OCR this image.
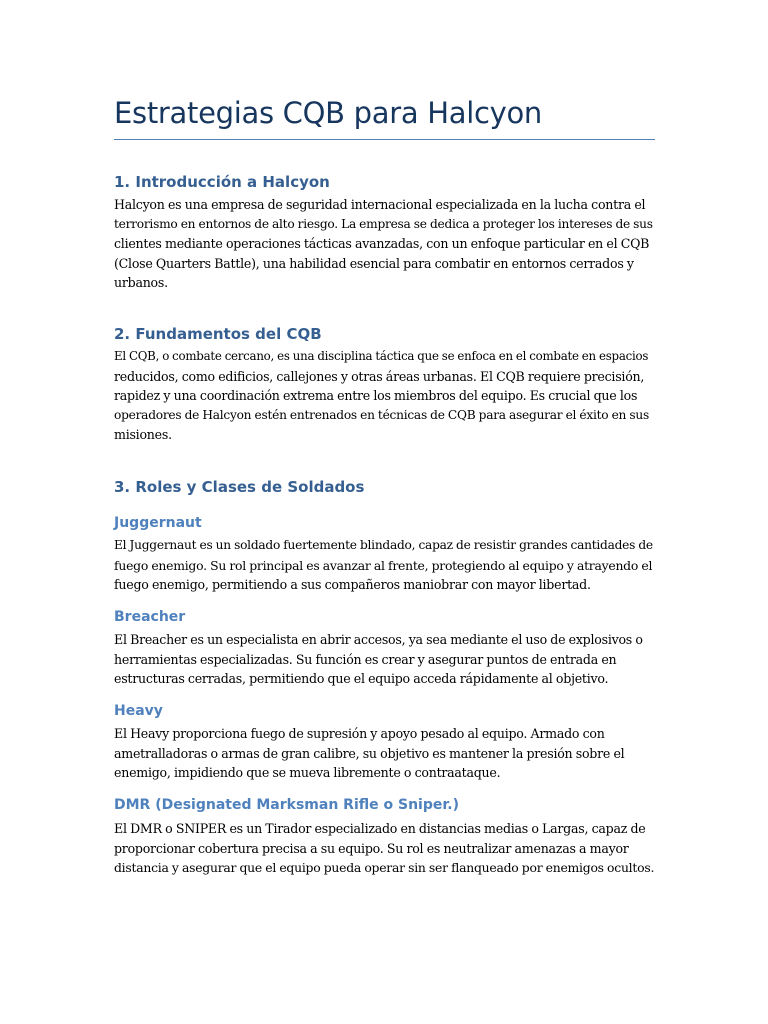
Estrategias CQB para Halcyon
1. Introducción a Halcyon

Halcyon es una empresa de seguridad internacional especializada en la lucha contra el
terrorismo en entornos de alto riesgo. La empresa se dedica a proteger los intereses de sus
clientes mediante operaciones tácticas avanzadas, con un enfoque particular en el CQB
(Close Quarters Battle), una habilidad esencial para combatir en entornos cerrados y
urbanos.

2. Fundamentos del CQB

El CQB, o combate cercano, es una disciplina táctica que se enfoca en el combate en espacios
reducidos, como edificios, callejones y otras áreas urbanas. El CQB requiere precisión,
rapidez y una coordinación extrema entre los miembros del equipo. Es crucial que los
operadores de Halcyon estén entrenados en técnicas de CQB para asegurar el éxito en sus
misiones.

3. Roles y Clases de Soldados
Juggernaut

El Juggernaut es un soldado fuertemente blindado, capaz de resistir grandes cantidades de
fuego enemigo. Su rol principal es avanzar al frente, protegiendo al equipo y atrayendo el
fuego enemigo, permitiendo a sus compañeros maniobrar con mayor libertad.

Breacher

El Breacher es un especialista en abrir accesos, ya sea mediante el uso de explosivos o
herramientas especializadas. Su función es crear y asegurar puntos de entrada en
estructuras cerradas, permitiendo que el equipo acceda rápidamente al objetivo.

Heavy

El Heavy proporciona fuego de supresión y apoyo pesado al equipo. Armado con
ametralladoras o armas de gran calibre, su objetivo es mantener la presión sobre el
enemigo, impidiendo que se mueva libremente o contraataque.

DMR (Designated Marksman Rifle o Sniper.)

El DMR o SNIPER es un Tirador especializado en distancias medias o Largas, capaz de
proporcionar cobertura precisa a su equipo. Su rol es neutralizar amenazas a mayor
distancia y asegurar que el equipo pueda operar sin ser flanqueado por enemigos ocultos.
